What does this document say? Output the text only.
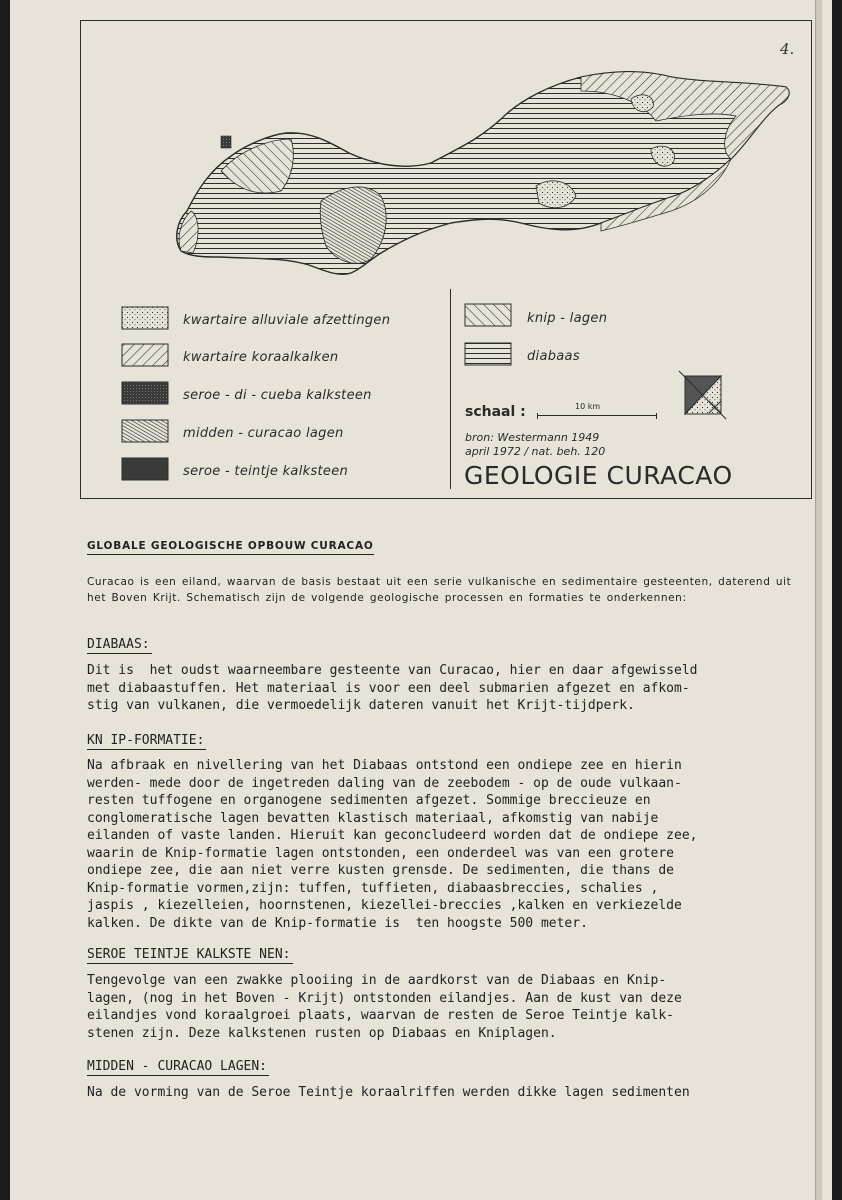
4.
kwartaire alluviale afzettingen
kwartaire koraalkalken
seroe - di - cueba kalksteen
midden - curacao lagen
seroe - teintje kalksteen
knip - lagen
diabaas
schaal :	10 km
bron: Westermann 1949
april 1972 / nat. beh. 120
GEOLOGIE CURACAO
GLOBALE GEOLOGISCHE OPBOUW CURACAO
Curacao is een eiland, waarvan de basis bestaat uit een serie vulkanische en sedimentaire gesteenten, daterend uit het Boven Krijt. Schematisch zijn de volgende geologische processen en formaties te onderkennen:
DIABAAS:
Dit is  het oudst waarneembare gesteente van Curacao, hier en daar afgewisseld
met diabaastuffen. Het materiaal is voor een deel submarien afgezet en afkom-
stig van vulkanen, die vermoedelijk dateren vanuit het Krijt-tijdperk.
KN IP-FORMATIE:
Na afbraak en nivellering van het Diabaas ontstond een ondiepe zee en hierin
werden- mede door de ingetreden daling van de zeebodem - op de oude vulkaan-
resten tuffogene en organogene sedimenten afgezet. Sommige breccieuze en
conglomeratische lagen bevatten klastisch materiaal, afkomstig van nabije
eilanden of vaste landen. Hieruit kan geconcludeerd worden dat de ondiepe zee,
waarin de Knip-formatie lagen ontstonden, een onderdeel was van een grotere
ondiepe zee, die aan niet verre kusten grensde. De sedimenten, die thans de
Knip-formatie vormen,zijn: tuffen, tuffieten, diabaasbreccies, schalies ,
jaspis , kiezelleien, hoornstenen, kiezellei-breccies ,kalken en verkiezelde
kalken. De dikte van de Knip-formatie is  ten hoogste 500 meter.
SEROE TEINTJE KALKSTE NEN:
Tengevolge van een zwakke plooiing in de aardkorst van de Diabaas en Knip-
lagen, (nog in het Boven - Krijt) ontstonden eilandjes. Aan de kust van deze
eilandjes vond koraalgroei plaats, waarvan de resten de Seroe Teintje kalk-
stenen zijn. Deze kalkstenen rusten op Diabaas en Kniplagen.
MIDDEN - CURACAO LAGEN:
Na de vorming van de Seroe Teintje koraalriffen werden dikke lagen sedimenten
